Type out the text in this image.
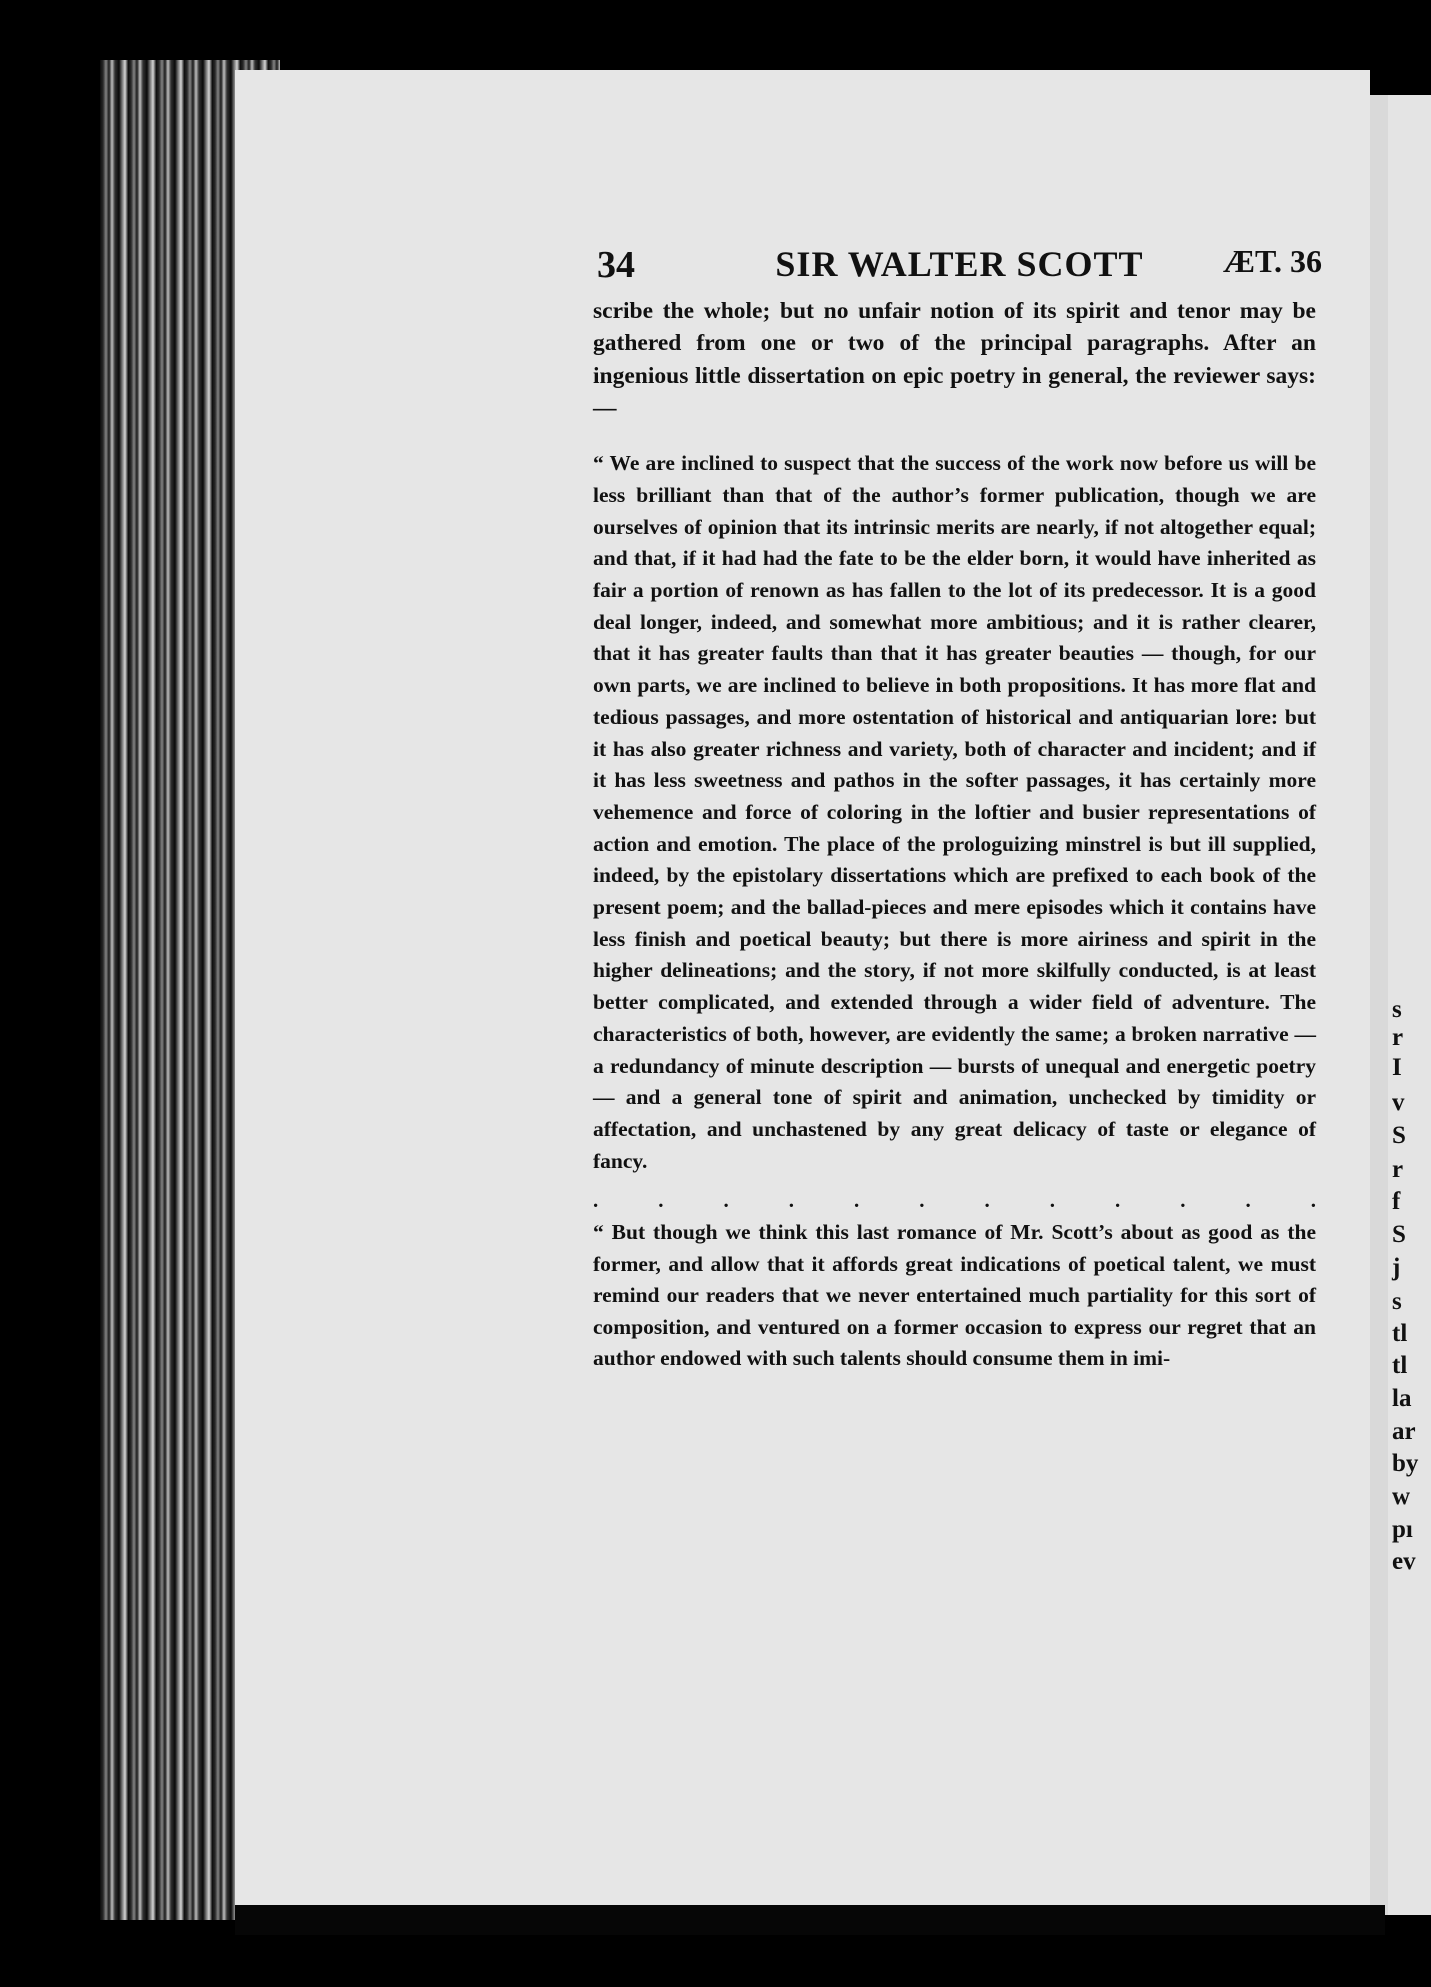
s
r
I
v
S
r
f
S
j
s
tl
tl
la
ar
by
w
pı
ev
34	SIR WALTER SCOTT	ÆT. 36

scribe the whole; but no unfair notion of its spirit and tenor may be gathered from one or two of the principal paragraphs. After an ingenious little dissertation on epic poetry in general, the reviewer says: —

“ We are inclined to suspect that the success of the work now before us will be less brilliant than that of the author’s former publication, though we are ourselves of opinion that its intrinsic merits are nearly, if not altogether equal; and that, if it had had the fate to be the elder born, it would have inherited as fair a portion of renown as has fallen to the lot of its predecessor. It is a good deal longer, indeed, and somewhat more ambitious; and it is rather clearer, that it has greater faults than that it has greater beauties — though, for our own parts, we are inclined to believe in both propositions. It has more flat and tedious passages, and more ostentation of historical and antiquarian lore: but it has also greater richness and variety, both of character and incident; and if it has less sweetness and pathos in the softer passages, it has certainly more vehemence and force of coloring in the loftier and busier representations of action and emotion. The place of the prologuizing minstrel is but ill supplied, indeed, by the epistolary dissertations which are prefixed to each book of the present poem; and the ballad-pieces and mere episodes which it contains have less finish and poetical beauty; but there is more airiness and spirit in the higher delineations; and the story, if not more skilfully conducted, is at least better complicated, and extended through a wider field of adventure. The characteristics of both, however, are evidently the same; a broken narrative — a redundancy of minute description — bursts of unequal and energetic poetry — and a general tone of spirit and animation, unchecked by timidity or affectation, and unchastened by any great delicacy of taste or elegance of fancy.

.	.	.	.	.	.	.	.	.	.	.	.

“ But though we think this last romance of Mr. Scott’s about as good as the former, and allow that it affords great indications of poetical talent, we must remind our readers that we never entertained much partiality for this sort of composition, and ventured on a former occasion to express our regret that an author endowed with such talents should consume them in imi-
